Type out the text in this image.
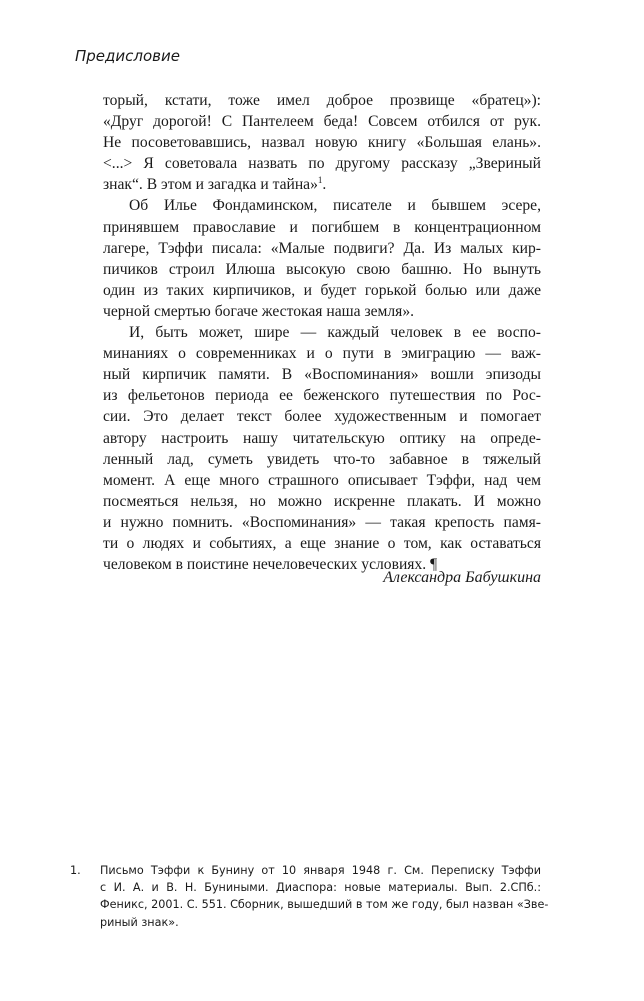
Предисловие
торый, кстати, тоже имел доброе прозвище «братец»):
«Друг дорогой! С Пантелеем беда! Совсем отбился от рук.
Не посоветовавшись, назвал новую книгу «Большая елань».
<...> Я советовала назвать по другому рассказу „Звериный
знак“. В этом и загадка и тайна»$^1$.
Об Илье Фондаминском, писателе и бывшем эсере,
принявшем православие и погибшем в концентрационном
лагере, Тэффи писала: «Малые подвиги? Да. Из малых кир-
пичиков строил Илюша высокую свою башню. Но вынуть
один из таких кирпичиков, и будет горькой болью или даже
черной смертью богаче жестокая наша земля».
И, быть может, шире — каждый человек в ее воспо-
минаниях о современниках и о пути в эмиграцию — важ-
ный кирпичик памяти. В «Воспоминания» вошли эпизоды
из фельетонов периода ее беженского путешествия по Рос-
сии. Это делает текст более художественным и помогает
автору настроить нашу читательскую оптику на опреде-
ленный лад, суметь увидеть что-то забавное в тяжелый
момент. А еще много страшного описывает Тэффи, над чем
посмеяться нельзя, но можно искренне плакать. И можно
и нужно помнить. «Воспоминания» — такая крепость памя-
ти о людях и событиях, а еще знание о том, как оставаться
человеком в поистине нечеловеческих условиях. ¶
Александра Бабушкина
1. Письмо Тэффи к Бунину от 10 января 1948 г. См. Переписку Тэффи
с И. А. и В. Н. Буниными. Диаспора: новые материалы. Вып. 2.СПб.:
Феникс, 2001. С. 551. Сборник, вышедший в том же году, был назван «Зве-
риный знак».
